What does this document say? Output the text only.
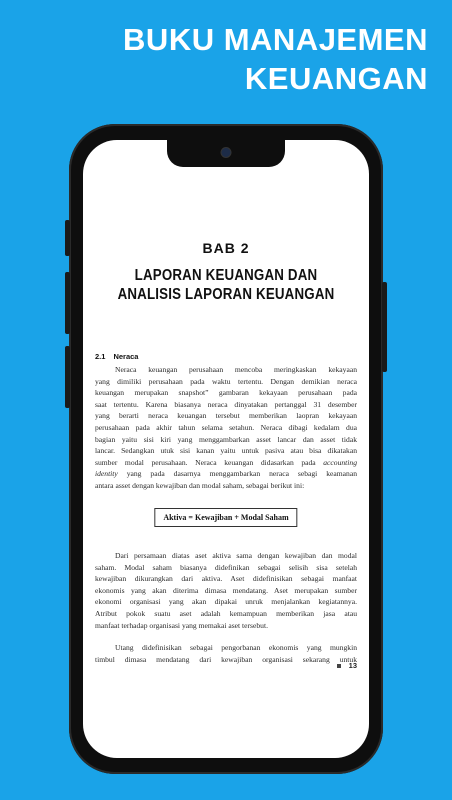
BUKU MANAJEMEN
KEUANGAN
BAB 2
LAPORAN KEUANGAN DAN
ANALISIS LAPORAN KEUANGAN
2.1 Neraca
Neraca keuangan perusahaan mencoba meringkaskan kekayaan
yang dimiliki perusahaan pada waktu tertentu. Dengan demikian neraca
keuangan merupakan snapshot” gambaran kekayaan perusahaan pada
saat tertentu. Karena biasanya neraca dinyatakan pertanggal 31 desember
yang berarti neraca keuangan tersebut memberikan laopran kekayaan
perusahaan pada akhir tahun selama setahun. Neraca dibagi kedalam dua
bagian yaitu sisi kiri yang menggambarkan asset lancar dan asset tidak
lancar. Sedangkan utuk sisi kanan yaitu untuk pasiva atau bisa dikatakan
sumber modal perusahaan. Neraca keuangan didasarkan pada accounting
identity yang pada dasarnya menggambarkan neraca sebagi keamanan
antara asset dengan kewajiban dan modal saham, sebagai berikut ini:
Aktiva = Kewajiban + Modal Saham
Dari persamaan diatas aset aktiva sama dengan kewajiban dan modal
saham. Modal saham biasanya didefinikan sebagai selisih sisa setelah
kewajiban dikurangkan dari aktiva. Aset didefinisikan sebagai manfaat
ekonomis yang akan diterima dimasa mendatang. Aset merupakan sumber
ekonomi organisasi yang akan dipakai unruk menjalankan kegiatannya.
Atribut pokok suatu aset adalah kemampuan memberikan jasa atau
manfaat terhadap organisasi yang memakai aset tersebut.
Utang didefinisikan sebagai pengorbanan ekonomis yang mungkin
timbul dimasa mendatang dari kewajiban organisasi sekarang untuk
13
